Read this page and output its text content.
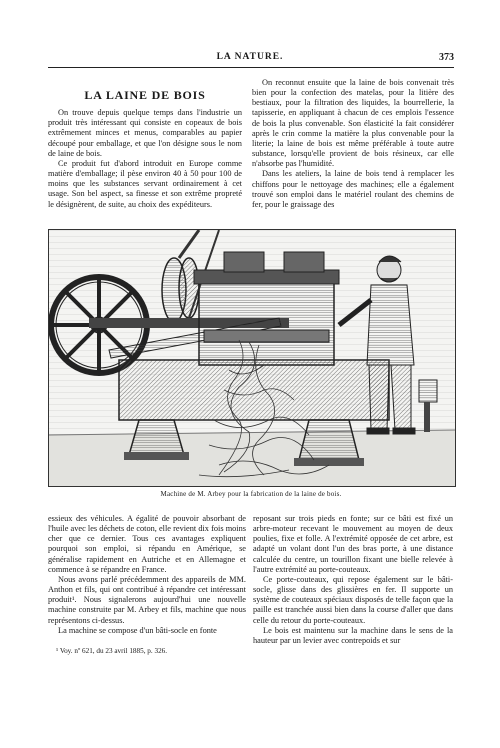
LA NATURE.	373
LA LAINE DE BOIS

On trouve depuis quelque temps dans l'industrie un produit très intéressant qui consiste en copeaux de bois extrêmement minces et menus, comparables au papier découpé pour emballage, et que l'on désigne sous le nom de laine de bois.

Ce produit fut d'abord introduit en Europe comme matière d'emballage; il pèse environ 40 à 50 pour 100 de moins que les substances servant ordinairement à cet usage. Son bel aspect, sa finesse et son extrême propreté le désignèrent, de suite, au choix des expéditeurs.

On reconnut ensuite que la laine de bois convenait très bien pour la confection des matelas, pour la litière des bestiaux, pour la filtration des liquides, la bourrellerie, la tapisserie, en appliquant à chacun de ces emplois l'essence de bois la plus convenable. Son élasticité la fait considérer après le crin comme la matière la plus convenable pour la literie; la laine de bois est même préférable à toute autre substance, lorsqu'elle provient de bois résineux, car elle n'absorbe pas l'humidité.

Dans les ateliers, la laine de bois tend à remplacer les chiffons pour le nettoyage des machines; elle a également trouvé son emploi dans le matériel roulant des chemins de fer, pour le graissage des

Machine de M. Arbey pour la fabrication de la laine de bois.

essieux des véhicules. A égalité de pouvoir absorbant de l'huile avec les déchets de coton, elle revient dix fois moins cher que ce dernier. Tous ces avantages expliquent pourquoi son emploi, si répandu en Amérique, se généralise rapidement en Autriche et en Allemagne et commence à se répandre en France.

Nous avons parlé précédemment des appareils de MM. Anthon et fils, qui ont contribué à répandre cet intéressant produit¹. Nous signalerons aujourd'hui une nouvelle machine construite par M. Arbey et fils, machine que nous représentons ci-dessus.

La machine se compose d'un bâti-socle en fonte

¹ Voy. nº 621, du 23 avril 1885, p. 326.

reposant sur trois pieds en fonte; sur ce bâti est fixé un arbre-moteur recevant le mouvement au moyen de deux poulies, fixe et folle. A l'extrémité opposée de cet arbre, est adapté un volant dont l'un des bras porte, à une distance calculée du centre, un tourillon fixant une bielle relevée à l'autre extrémité au porte-couteaux.

Ce porte-couteaux, qui repose également sur le bâti-socle, glisse dans des glissières en fer. Il supporte un système de couteaux spéciaux disposés de telle façon que la paille est tranchée aussi bien dans la course d'aller que dans celle du retour du porte-couteaux.

Le bois est maintenu sur la machine dans le sens de la hauteur par un levier avec contrepoids et sur
